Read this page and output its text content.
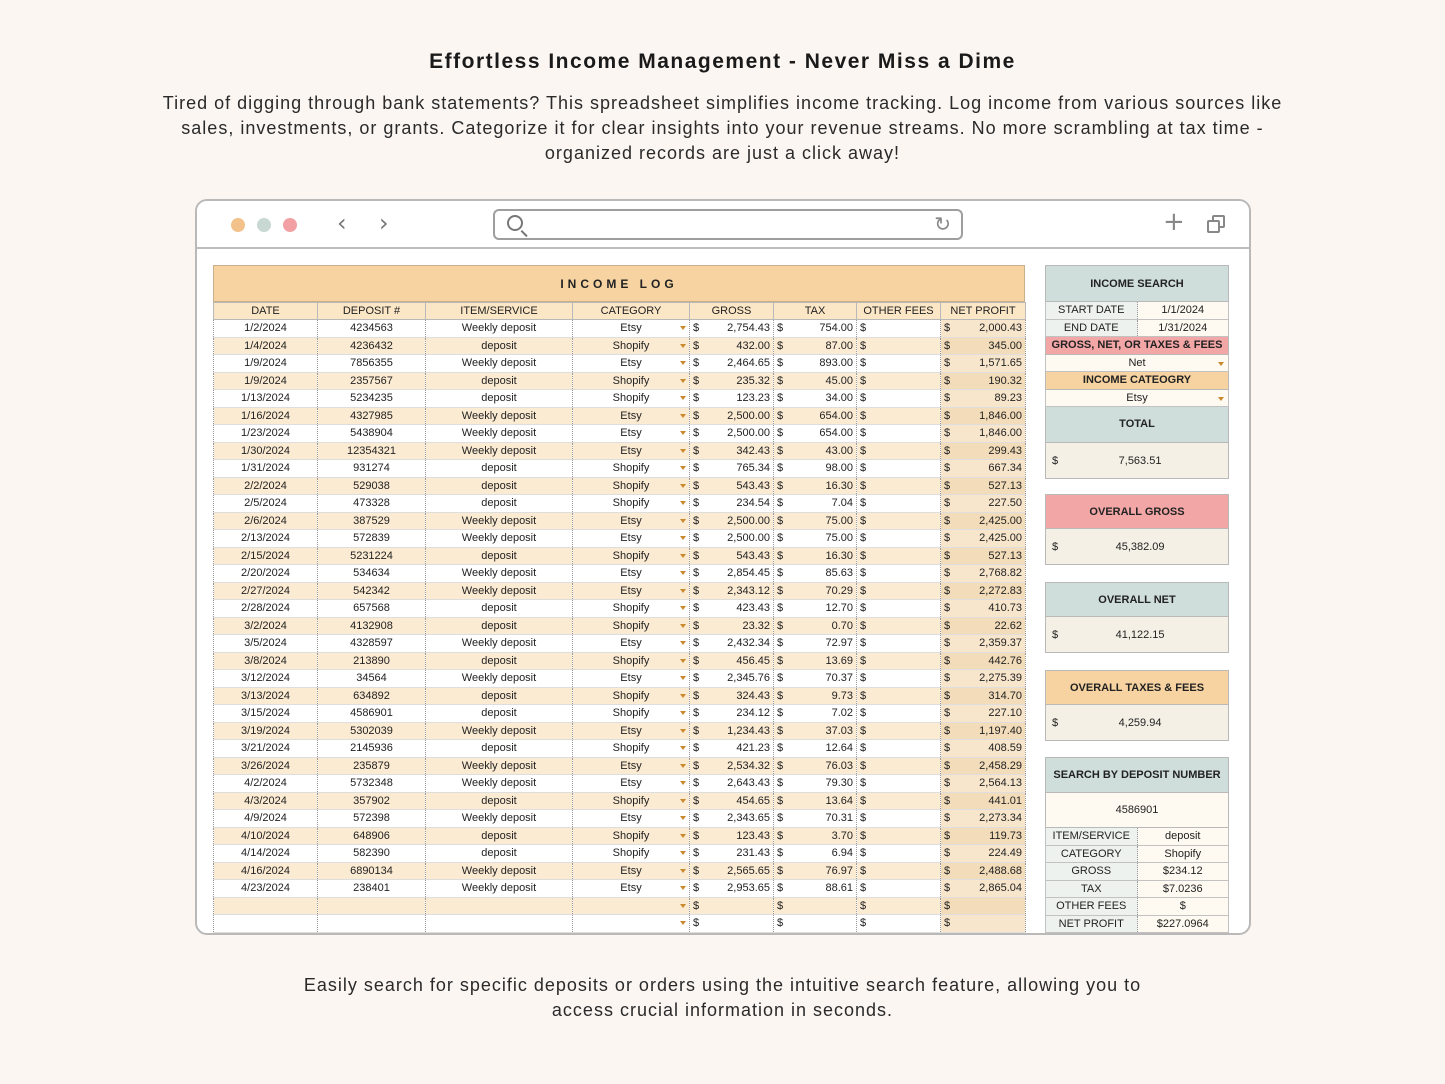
Effortless Income Management - Never Miss a Dime
Tired of digging through bank statements? This spreadsheet simplifies income tracking. Log income from various sources like sales, investments, or grants. Categorize it for clear insights into your revenue streams. No more scrambling at tax time - organized records are just a click away!
‹ ›	↻	+
INCOME LOG
DATE	DEPOSIT #	ITEM/SERVICE	CATEGORY	GROSS	TAX	OTHER FEES	NET PROFIT
1/2/2024	4234563	Weekly deposit	Etsy	$ 2,754.43	$ 754.00	$	$ 2,000.43

1/4/2024	4236432	deposit	Shopify	$ 432.00	$ 87.00	$	$ 345.00

1/9/2024	7856355	Weekly deposit	Etsy	$ 2,464.65	$ 893.00	$	$ 1,571.65

1/9/2024	2357567	deposit	Shopify	$ 235.32	$ 45.00	$	$ 190.32

1/13/2024	5234235	deposit	Shopify	$ 123.23	$ 34.00	$	$ 89.23

1/16/2024	4327985	Weekly deposit	Etsy	$ 2,500.00	$ 654.00	$	$ 1,846.00

1/23/2024	5438904	Weekly deposit	Etsy	$ 2,500.00	$ 654.00	$	$ 1,846.00

1/30/2024	12354321	Weekly deposit	Etsy	$ 342.43	$ 43.00	$	$ 299.43

1/31/2024	931274	deposit	Shopify	$ 765.34	$ 98.00	$	$ 667.34

2/2/2024	529038	deposit	Shopify	$ 543.43	$ 16.30	$	$ 527.13

2/5/2024	473328	deposit	Shopify	$ 234.54	$ 7.04	$	$ 227.50

2/6/2024	387529	Weekly deposit	Etsy	$ 2,500.00	$ 75.00	$	$ 2,425.00

2/13/2024	572839	Weekly deposit	Etsy	$ 2,500.00	$ 75.00	$	$ 2,425.00

2/15/2024	5231224	deposit	Shopify	$ 543.43	$ 16.30	$	$ 527.13

2/20/2024	534634	Weekly deposit	Etsy	$ 2,854.45	$ 85.63	$	$ 2,768.82

2/27/2024	542342	Weekly deposit	Etsy	$ 2,343.12	$ 70.29	$	$ 2,272.83

2/28/2024	657568	deposit	Shopify	$ 423.43	$ 12.70	$	$ 410.73

3/2/2024	4132908	deposit	Shopify	$ 23.32	$ 0.70	$	$ 22.62

3/5/2024	4328597	Weekly deposit	Etsy	$ 2,432.34	$ 72.97	$	$ 2,359.37

3/8/2024	213890	deposit	Shopify	$ 456.45	$ 13.69	$	$ 442.76

3/12/2024	34564	Weekly deposit	Etsy	$ 2,345.76	$ 70.37	$	$ 2,275.39

3/13/2024	634892	deposit	Shopify	$ 324.43	$ 9.73	$	$ 314.70

3/15/2024	4586901	deposit	Shopify	$ 234.12	$ 7.02	$	$ 227.10

3/19/2024	5302039	Weekly deposit	Etsy	$ 1,234.43	$ 37.03	$	$ 1,197.40

3/21/2024	2145936	deposit	Shopify	$ 421.23	$ 12.64	$	$ 408.59

3/26/2024	235879	Weekly deposit	Etsy	$ 2,534.32	$ 76.03	$	$ 2,458.29

4/2/2024	5732348	Weekly deposit	Etsy	$ 2,643.43	$ 79.30	$	$ 2,564.13

4/3/2024	357902	deposit	Shopify	$ 454.65	$ 13.64	$	$ 441.01

4/9/2024	572398	Weekly deposit	Etsy	$ 2,343.65	$ 70.31	$	$ 2,273.34

4/10/2024	648906	deposit	Shopify	$ 123.43	$ 3.70	$	$ 119.73

4/14/2024	582390	deposit	Shopify	$ 231.43	$ 6.94	$	$ 224.49

4/16/2024	6890134	Weekly deposit	Etsy	$ 2,565.65	$ 76.97	$	$ 2,488.68

4/23/2024	238401	Weekly deposit	Etsy	$ 2,953.65	$ 88.61	$	$ 2,865.04

				$	$	$	$

				$	$	$	$
INCOME SEARCH
START DATE	1/1/2024
END DATE	1/31/2024
GROSS, NET, OR TAXES & FEES
Net
INCOME CATEOGRY
Etsy
TOTAL
$	7,563.51
OVERALL GROSS
$	45,382.09
OVERALL NET
$	41,122.15
OVERALL TAXES & FEES
$	4,259.94
SEARCH BY DEPOSIT NUMBER
4586901
ITEM/SERVICE	deposit
CATEGORY	Shopify
GROSS	$234.12
TAX	$7.0236
OTHER FEES	$
NET PROFIT	$227.0964
Easily search for specific deposits or orders using the intuitive search feature, allowing you to access crucial information in seconds.
